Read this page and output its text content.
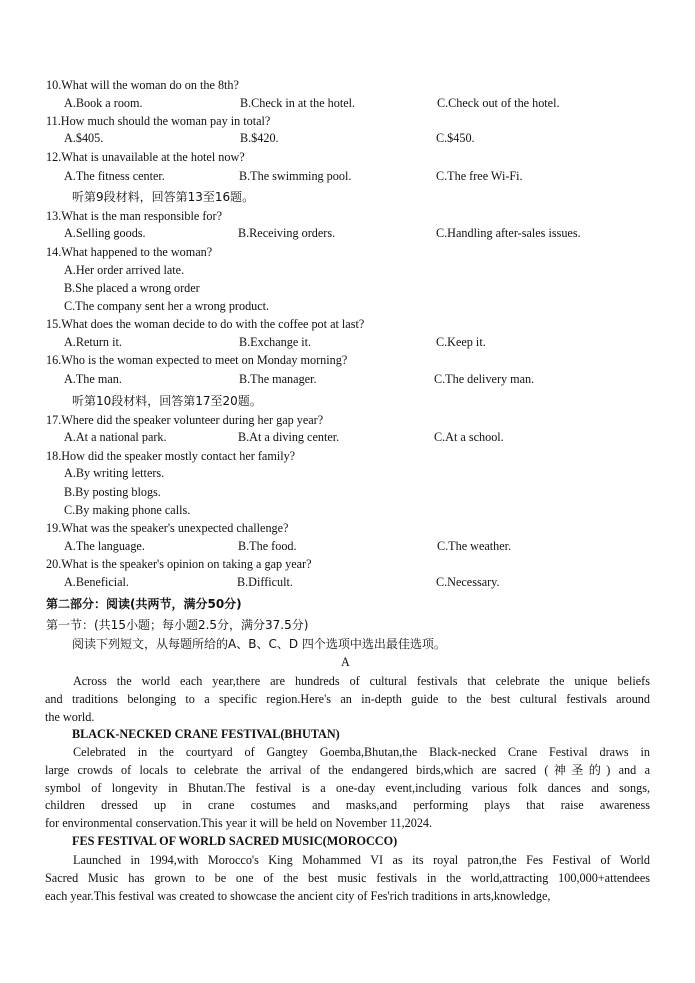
10.What will the woman do on the 8th?
A.Book a room.	B.Check in at the hotel.	C.Check out of the hotel.
11.How much should the woman pay in total?
A.$405.	B.$420.	C.$450.
12.What is unavailable at the hotel now?
A.The fitness center.	B.The swimming pool.	C.The free Wi-Fi.
13.What is the man responsible for?
A.Selling goods.	B.Receiving orders.	C.Handling after-sales issues.
14.What happened to the woman?
A.Her order arrived late.
B.She placed a wrong order
C.The company sent her a wrong product.
15.What does the woman decide to do with the coffee pot at last?
A.Return it.	B.Exchange it.	C.Keep it.
16.Who is the woman expected to meet on Monday morning?
A.The man.	B.The manager.	C.The delivery man.
17.Where did the speaker volunteer during her gap year?
A.At a national park.	B.At a diving center.	C.At a school.
18.How did the speaker mostly contact her family?
A.By writing letters.
B.By posting blogs.
C.By making phone calls.
19.What was the speaker's unexpected challenge?
A.The language.	B.The food.	C.The weather.
20.What is the speaker's opinion on taking a gap year?
A.Beneficial.	B.Difficult.	C.Necessary.
听第9段材料，回答第13至16题。
听第10段材料，回答第17至20题。
第二部分：阅读(共两节，满分50分)
第一节：(共15小题；每小题2.5分，满分37.5分)
阅读下列短文，从每题所给的A、B、C、D 四个选项中选出最佳选项。
A
Across the world each year,there are hundreds of cultural festivals that celebrate the unique beliefs
and traditions belonging to a specific region.Here's an in-depth guide to the best cultural festivals around
the world.
BLACK-NECKED CRANE FESTIVAL(BHUTAN)
Celebrated in the courtyard of Gangtey Goemba,Bhutan,the Black-necked Crane Festival draws in
large crowds of locals to celebrate the arrival of the endangered birds,which are sacred (神圣的) and a
symbol of longevity in Bhutan.The festival is a one-day event,including various folk dances and songs,
children dressed up in crane costumes and masks,and performing plays that raise awareness
for environmental conservation.This year it will be held on November 11,2024.
FES FESTIVAL OF WORLD SACRED MUSIC(MOROCCO)
Launched in 1994,with Morocco's King Mohammed VI as its royal patron,the Fes Festival of World
Sacred Music has grown to be one of the best music festivals in the world,attracting 100,000+attendees
each year.This festival was created to showcase the ancient city of Fes'rich traditions in arts,knowledge,
